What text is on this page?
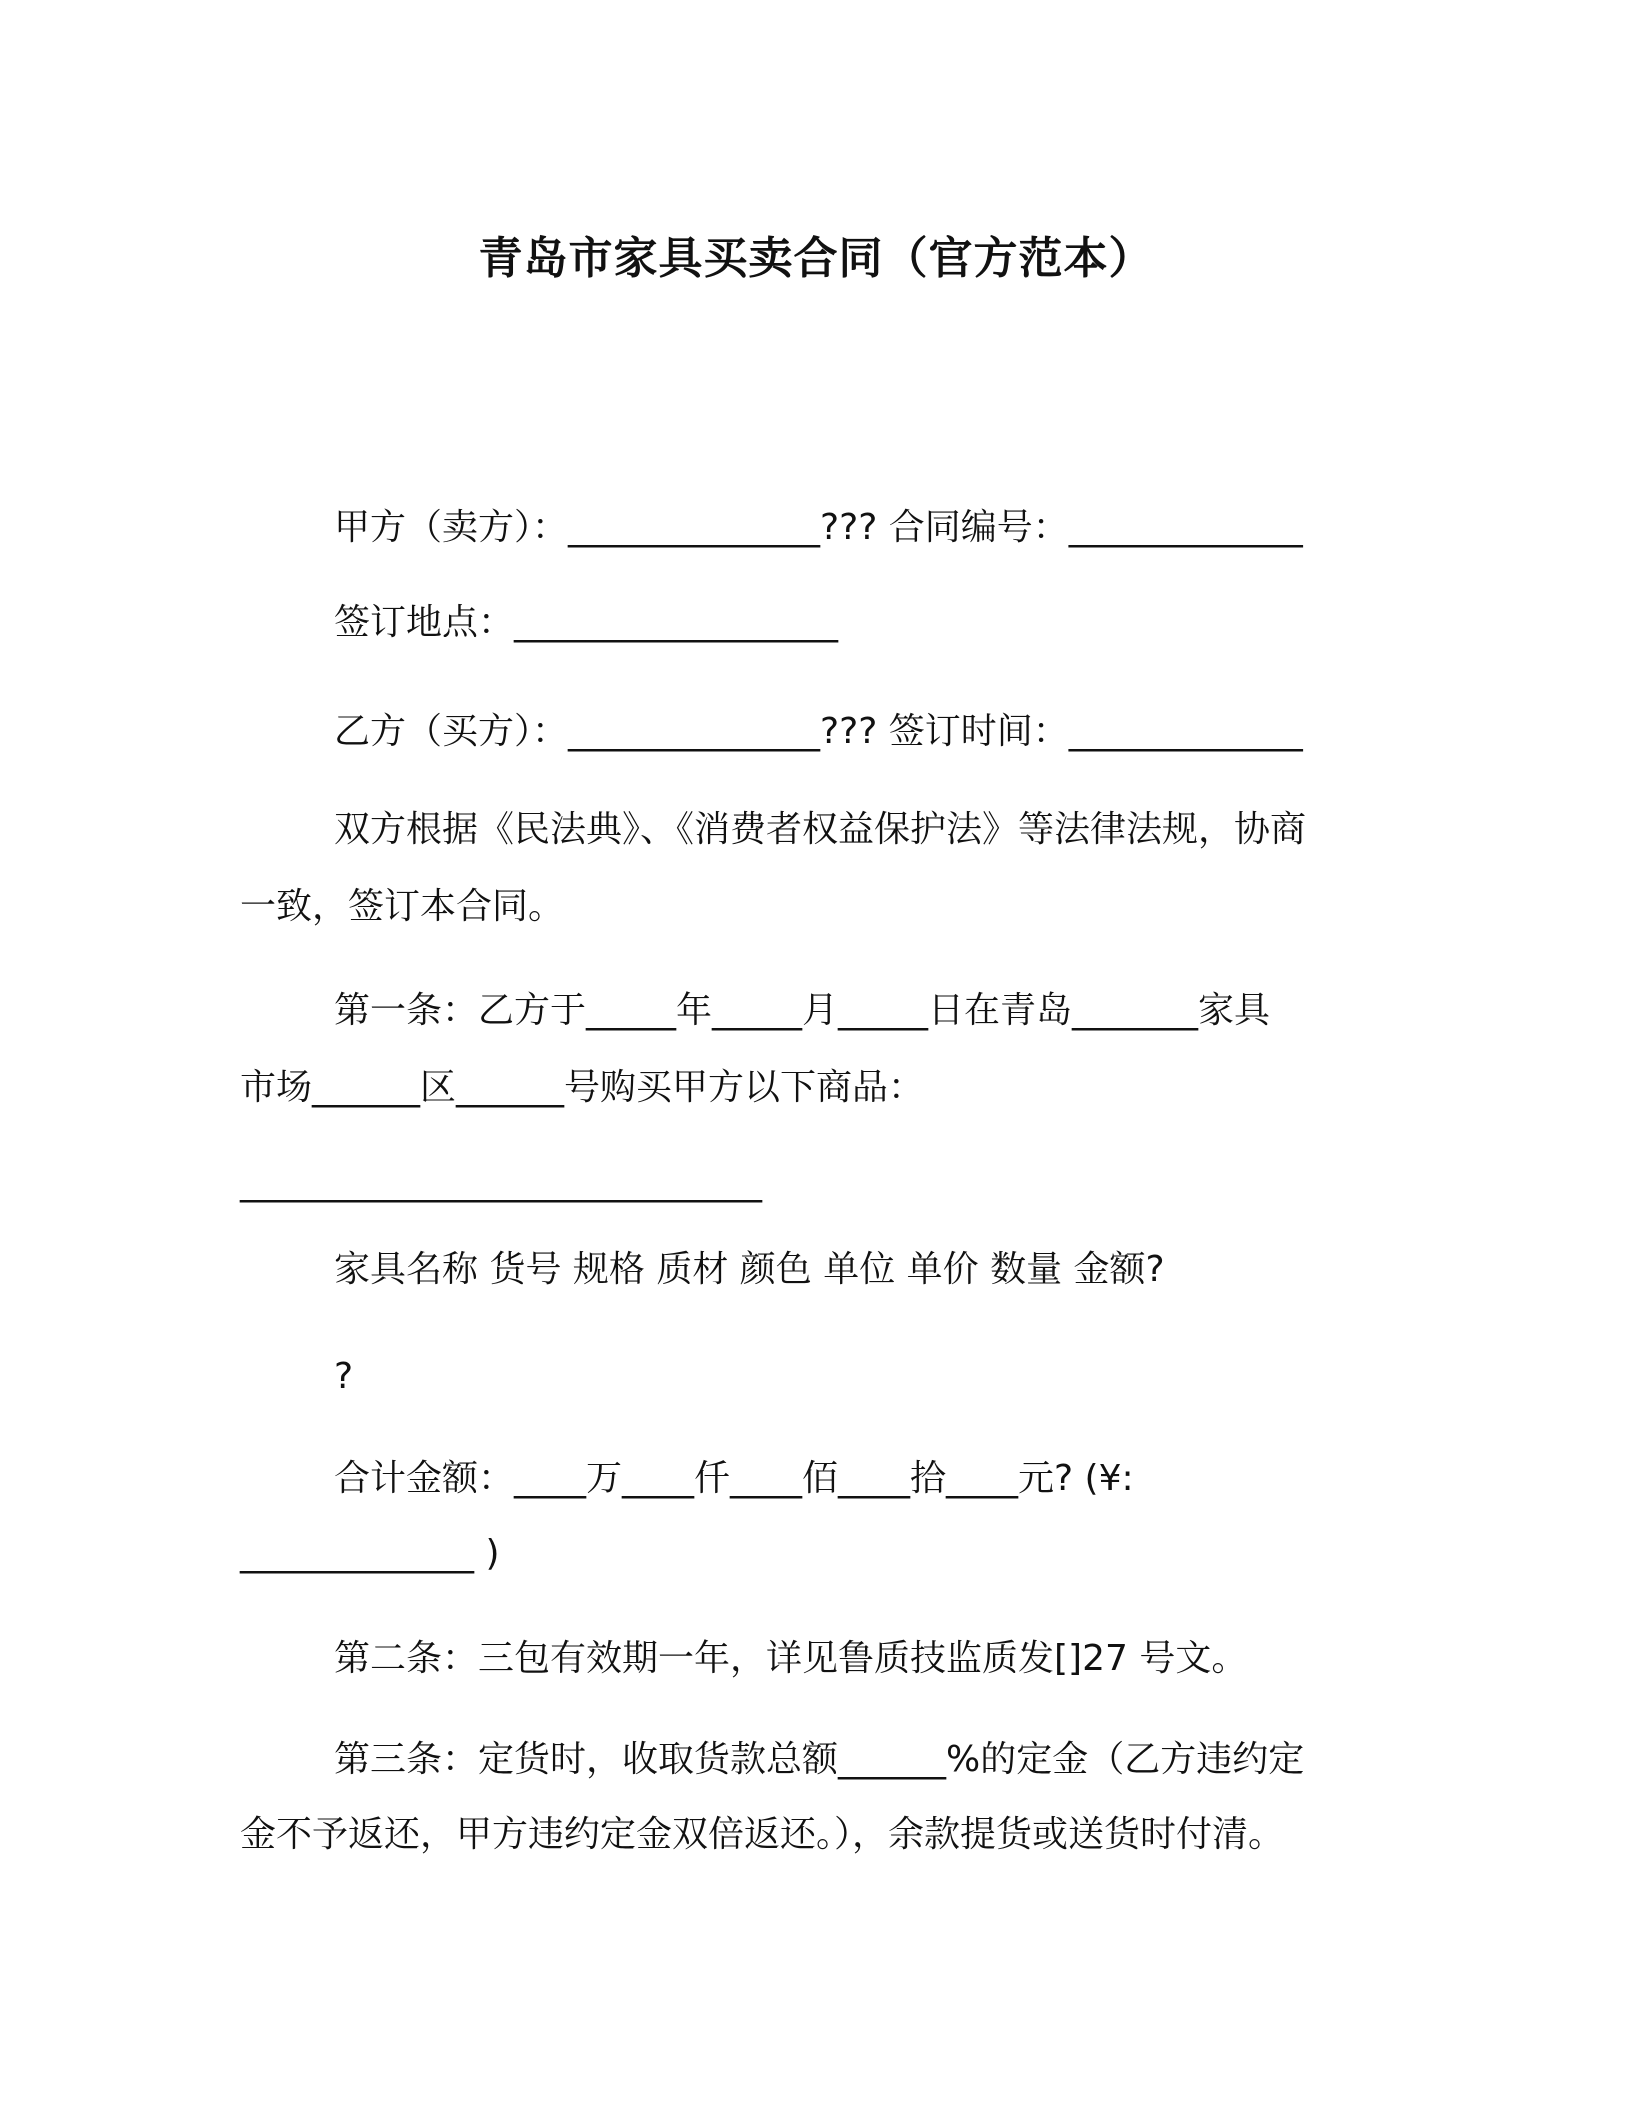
青岛市家具买卖合同（官方范本）
甲方（卖方）：______________??? 合同编号：_____________
签订地点：__________________
乙方（买方）：______________??? 签订时间：_____________
双方根据《民法典》、《消费者权益保护法》等法律法规，协商
一致，签订本合同。
第一条：乙方于_____年_____月_____日在青岛_______家具
市场______区______号购买甲方以下商品：
_____________________________
家具名称 货号 规格 质材 颜色 单位 单价 数量 金额?
?
合计金额：____万____仟____佰____拾____元? (¥:
_____________ )
第二条：三包有效期一年，详见鲁质技监质发[]27 号文。
第三条：定货时，收取货款总额______%的定金（乙方违约定
金不予返还，甲方违约定金双倍返还。），余款提货或送货时付清。
